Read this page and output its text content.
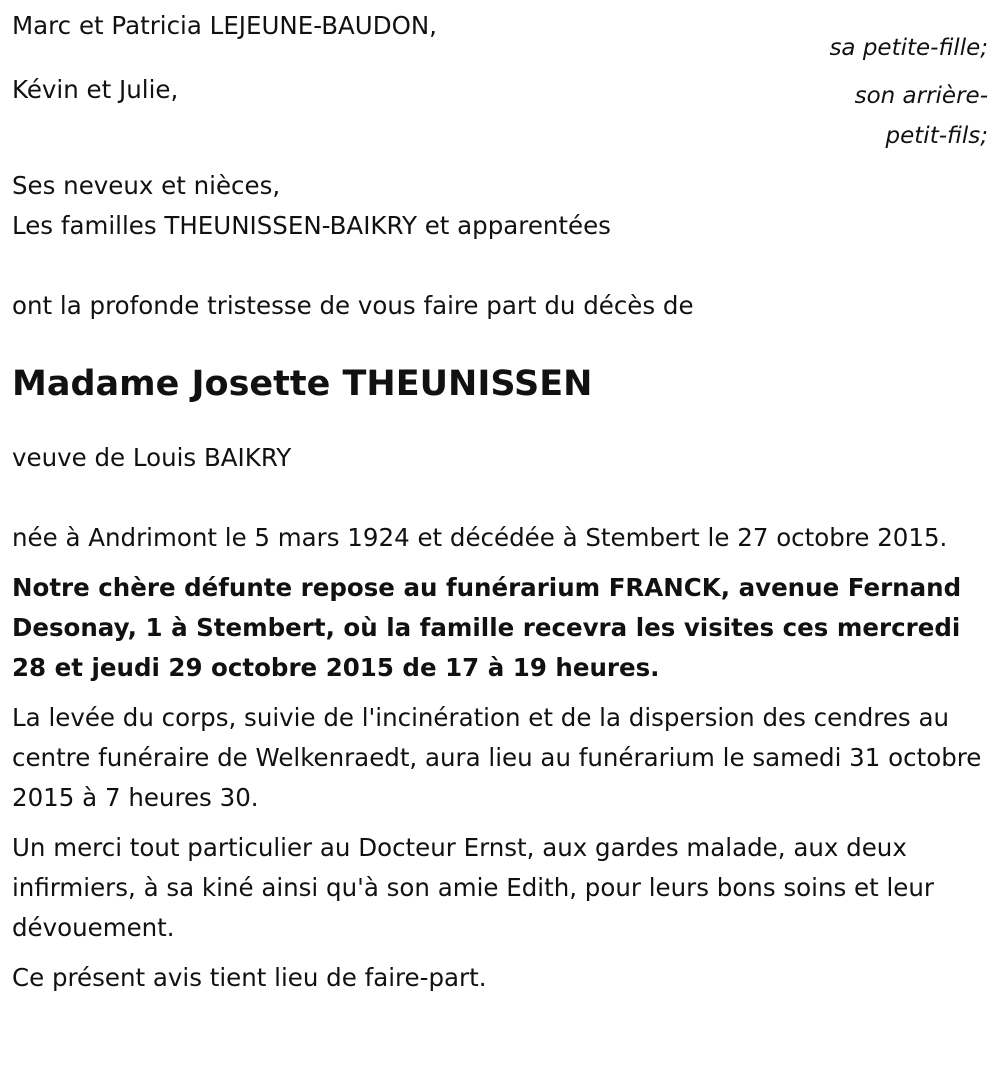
Marc et Patricia LEJEUNE-BAUDON,
sa petite-fille;
Kévin et Julie,	son arrière-
petit-fils;
Ses neveux et nièces,
Les familles THEUNISSEN-BAIKRY et apparentées
ont la profonde tristesse de vous faire part du décès de
Madame Josette THEUNISSEN
veuve de Louis BAIKRY
née à Andrimont le 5 mars 1924 et décédée à Stembert le 27 octobre 2015.
Notre chère défunte repose au funérarium FRANCK, avenue Fernand Desonay, 1 à Stembert, où la famille recevra les visites ces mercredi 28 et jeudi 29 octobre 2015 de 17 à 19 heures.
La levée du corps, suivie de l'incinération et de la dispersion des cendres au centre funéraire de Welkenraedt, aura lieu au funérarium le samedi 31 octobre 2015 à 7 heures 30.
Un merci tout particulier au Docteur Ernst, aux gardes malade, aux deux infirmiers, à sa kiné ainsi qu'à son amie Edith, pour leurs bons soins et leur dévouement.
Ce présent avis tient lieu de faire-part.
